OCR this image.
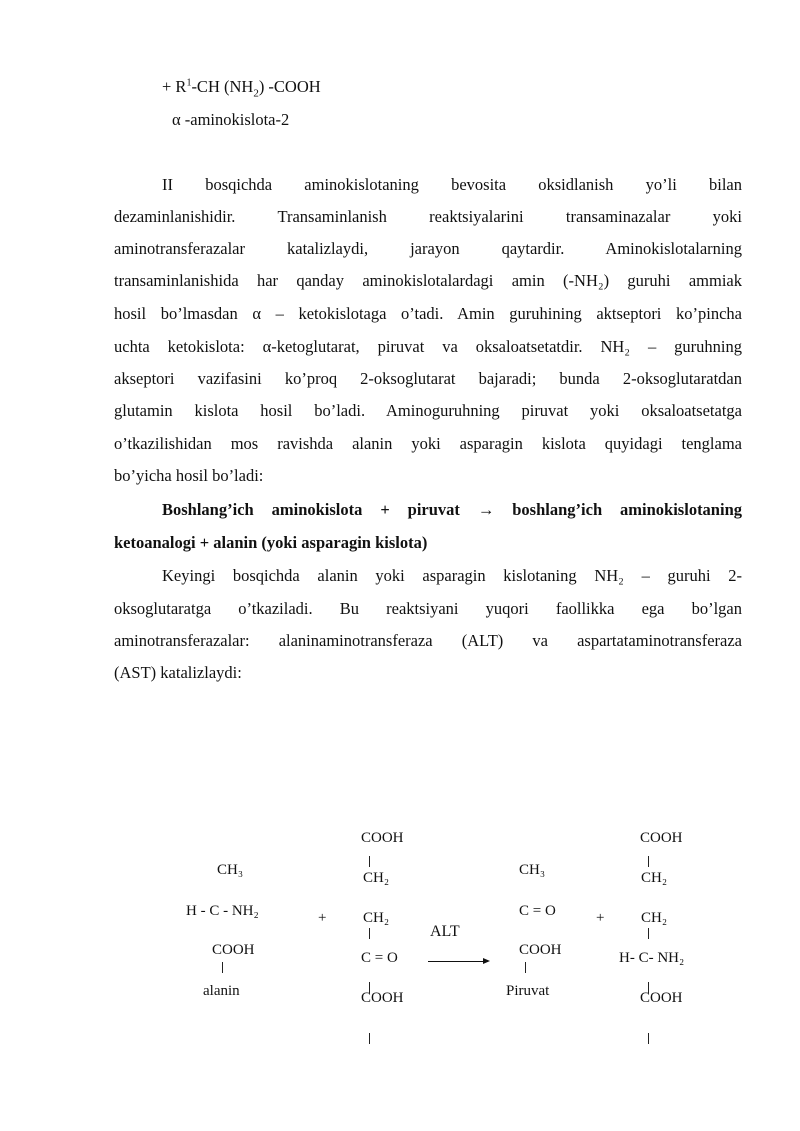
+ $R^1-CH$ $(NH_2)$ -COOH
α -aminokislota-2
II bosqichda aminokislotaning bevosita oksidlanish yo’li bilan
dezaminlanishidir. Transaminlanish reaktsiyalarini transaminazalar yoki
aminotransferazalar katalizlaydi, jarayon qaytardir. Aminokislotalarning
transaminlanishida har qanday aminokislotalardagi amin (-NH₂) guruhi ammiak
hosil bo’lmasdan α – ketokislotaga o’tadi. Amin guruhining aktseptori ko’pincha
uchta ketokislota: α-ketoglutarat, piruvat va oksaloatsetatdir. NH₂ – guruhning
akseptori vazifasini ko’proq 2-oksoglutarat bajaradi; bunda 2-oksoglutaratdan
glutamin kislota hosil bo’ladi. Aminoguruhning piruvat yoki oksaloatsetatga
o’tkazilishidan mos ravishda alanin yoki asparagin kislota quyidagi tenglama
bo’yicha hosil bo’ladi:
Boshlang’ich aminokislota + piruvat → boshlang’ich aminokislotaning
ketoanalogi + alanin (yoki asparagin kislota)
Keyingi bosqichda alanin yoki asparagin kislotaning NH₂ – guruhi 2-
oksoglutaratga o’tkaziladi. Bu reaktsiyani yuqori faollikka ega bo’lgan
aminotransferazalar: alaninaminotransferaza (ALT) va aspartataminotransferaza
(AST) katalizlaydi:
CH₃
H - C - NH₂
COOH
alanin
+
COOH
CH₂
CH₂
C = O
COOH
ALT
CH₃
C = O
COOH
Piruvat
+
COOH
CH₂
CH₂
H- C- NH₂
COOH
